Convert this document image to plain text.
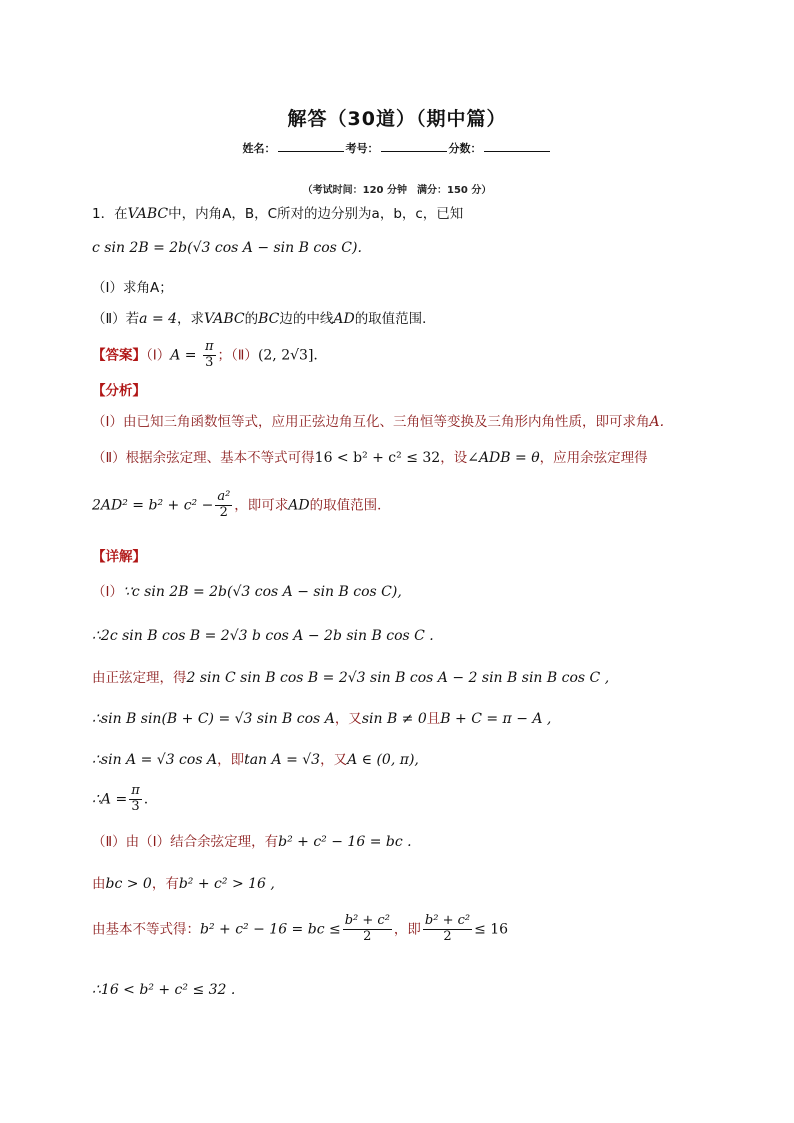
解答（30道）（期中篇）
姓名：	考号：	分数：
（考试时间：120 分钟　满分：150 分）
1．在VABC中，内角A，B，C所对的边分别为a，b，c，已知
c sin 2B = 2b(√3 cos A − sin B cos C).
（Ⅰ）求角A；
（Ⅱ）若a = 4，求VABC的BC边的中线AD的取值范围．
【答案】（Ⅰ）A = $\frac{\pi}{3}$ ；（Ⅱ）(2, 2√3].
【分析】
（Ⅰ）由已知三角函数恒等式，应用正弦边角互化、三角恒等变换及三角形内角性质，即可求角A.
（Ⅱ）根据余弦定理、基本不等式可得16 < b² + c² ≤ 32，设∠ADB = θ，应用余弦定理得
$2AD^2 = b^2 + c^2 - \frac{\text{a²}}{2}$ ，即可求AD的取值范围．
【详解】
（Ⅰ）∵c sin 2B = 2b(√3 cos A − sin B cos C),
∴2c sin B cos B = 2√3 b cos A − 2b sin B cos C .
由正弦定理，得2 sin C sin B cos B = 2√3 sin B cos A − 2 sin B sin B cos C ,
∴sin B sin(B + C) = √3 sin B cos A，又sin B ≠ 0且B + C = π − A ,
∴sin A = √3 cos A，即tan A = √3，又A ∈ (0, π),
∴A = $\frac{\pi}{3}$ .
（Ⅱ）由（Ⅰ）结合余弦定理，有b² + c² − 16 = bc .
由bc > 0，有b² + c² > 16 ,
由基本不等式得：b² + c² − 16 = bc ≤ $\frac{\text{b² + c²}}{2}$ ，即 $\frac{\text{b² + c²}}{2} \le 16$
∴16 < b² + c² ≤ 32 .
